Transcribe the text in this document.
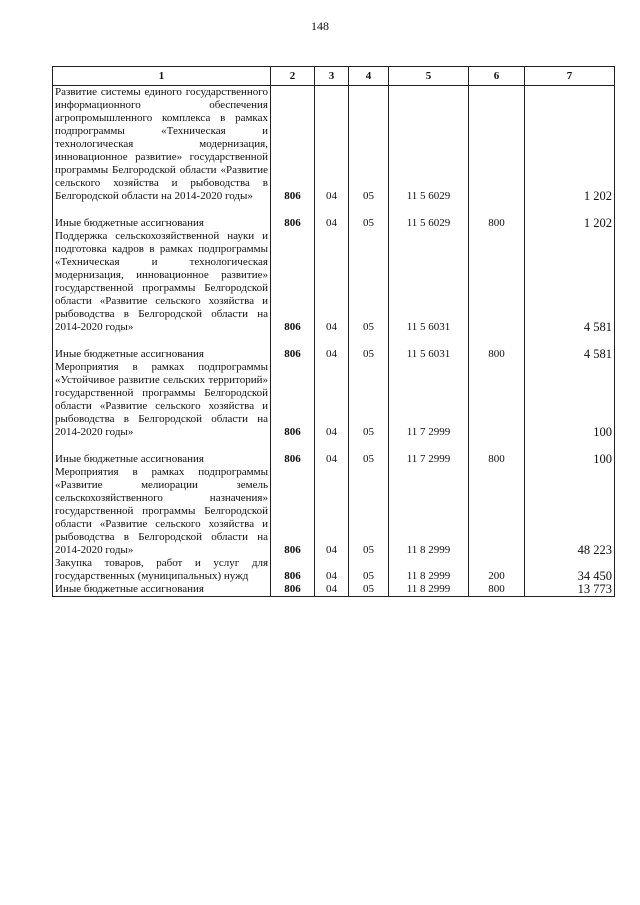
148
1	2	3	4	5	6	7
Развитие системы единого государственного информационного обеспечения агропромышленного комплекса в рамках подпрограммы «Техническая и технологическая модернизация, инновационное развитие» государственной программы Белгородской области «Развитие сельского хозяйства и рыбоводства в Белгородской области на 2014-2020 годы»	806	04	05	11 5 6029		1 202

Иные бюджетные ассигнования	806	04	05	11 5 6029	800	1 202
Поддержка сельскохозяйственной науки и подготовка кадров в рамках подпрограммы «Техническая и технологическая модернизация, инновационное развитие» государственной программы Белгородской области «Развитие сельского хозяйства и рыбоводства в Белгородской области на 2014-2020 годы»	806	04	05	11 5 6031		4 581

Иные бюджетные ассигнования	806	04	05	11 5 6031	800	4 581
Мероприятия в рамках подпрограммы «Устойчивое развитие сельских территорий» государственной программы Белгородской области «Развитие сельского хозяйства и рыбоводства в Белгородской области на 2014-2020 годы»	806	04	05	11 7 2999		100

Иные бюджетные ассигнования	806	04	05	11 7 2999	800	100
Мероприятия в рамках подпрограммы «Развитие мелиорации земель сельскохозяйственного назначения» государственной программы Белгородской области «Развитие сельского хозяйства и рыбоводства в Белгородской области на 2014-2020 годы»	806	04	05	11 8 2999		48 223
Закупка товаров, работ и услуг для государственных (муниципальных) нужд	806	04	05	11 8 2999	200	34 450
Иные бюджетные ассигнования	806	04	05	11 8 2999	800	13 773
